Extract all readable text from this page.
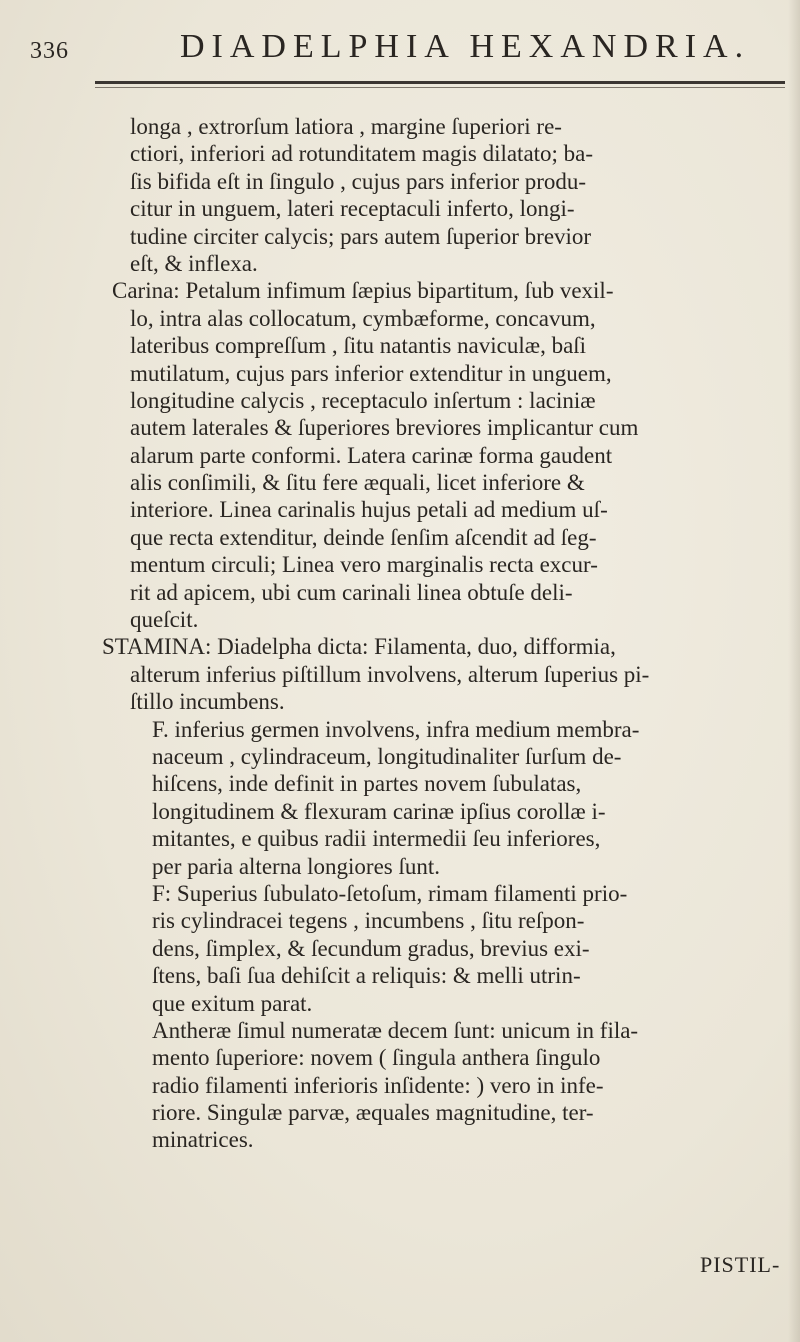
336	DIADELPHIA HEXANDRIA.
longa , extrorſum latiora , margine ſuperiori re-
ctiori, inferiori ad rotunditatem magis dilatato; ba-
ſis bifida eſt in ſingulo , cujus pars inferior produ-
citur in unguem, lateri receptaculi inferto, longi-
tudine circiter calycis; pars autem ſuperior brevior
eſt, & inflexa.
Carina: Petalum infimum ſæpius bipartitum, ſub vexil-
lo, intra alas collocatum, cymbæforme, concavum,
lateribus compreſſum , ſitu natantis naviculæ, baſi
mutilatum, cujus pars inferior extenditur in unguem,
longitudine calycis , receptaculo inſertum : laciniæ
autem laterales & ſuperiores breviores implicantur cum
alarum parte conformi. Latera carinæ forma gaudent
alis conſimili, & ſitu fere æquali, licet inferiore &
interiore. Linea carinalis hujus petali ad medium uſ-
que recta extenditur, deinde ſenſim aſcendit ad ſeg-
mentum circuli; Linea vero marginalis recta excur-
rit ad apicem, ubi cum carinali linea obtuſe deli-
queſcit.
STAMINA: Diadelpha dicta: Filamenta, duo, difformia,
alterum inferius piſtillum involvens, alterum ſuperius pi-
ſtillo incumbens.
F. inferius germen involvens, infra medium membra-
naceum , cylindraceum, longitudinaliter ſurſum de-
hiſcens, inde definit in partes novem ſubulatas,
longitudinem & flexuram carinæ ipſius corollæ i-
mitantes, e quibus radii intermedii ſeu inferiores,
per paria alterna longiores ſunt.
F: Superius ſubulato-ſetoſum, rimam filamenti prio-
ris cylindracei tegens , incumbens , ſitu reſpon-
dens, ſimplex, & ſecundum gradus, brevius exi-
ſtens, baſi ſua dehiſcit a reliquis: & melli utrin-
que exitum parat.
Antheræ ſimul numeratæ decem ſunt: unicum in fila-
mento ſuperiore: novem ( ſingula anthera ſingulo
radio filamenti inferioris inſidente: ) vero in infe-
riore. Singulæ parvæ, æquales magnitudine, ter-
minatrices.
PISTIL-
